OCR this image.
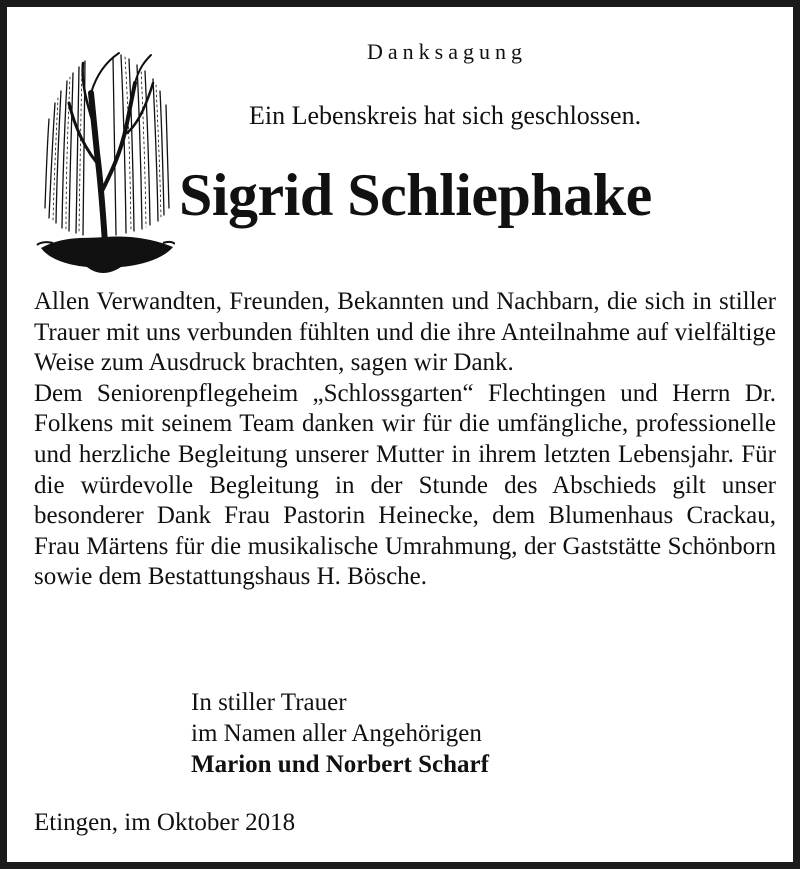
Danksagung
Ein Lebenskreis hat sich geschlossen.
Sigrid Schliephake

Allen Verwandten, Freunden, Bekannten und Nachbarn, die sich in stiller Trauer mit uns verbunden fühlten und die ihre Anteilnahme auf vielfältige Weise zum Ausdruck brachten, sagen wir Dank.

Dem Seniorenpflegeheim „Schlossgarten“ Flechtingen und Herrn Dr. Folkens mit seinem Team danken wir für die umfängliche, professionelle und herzliche Begleitung unserer Mutter in ihrem letzten Lebensjahr. Für die würdevolle Begleitung in der Stunde des Abschieds gilt unser besonderer Dank Frau Pastorin Heinecke, dem Blumenhaus Crackau, Frau Märtens für die musikalische Umrahmung, der Gaststätte Schönborn sowie dem Bestattungshaus H. Bösche.

In stiller Trauer
im Namen aller Angehörigen
Marion und Norbert Scharf
Etingen, im Oktober 2018
